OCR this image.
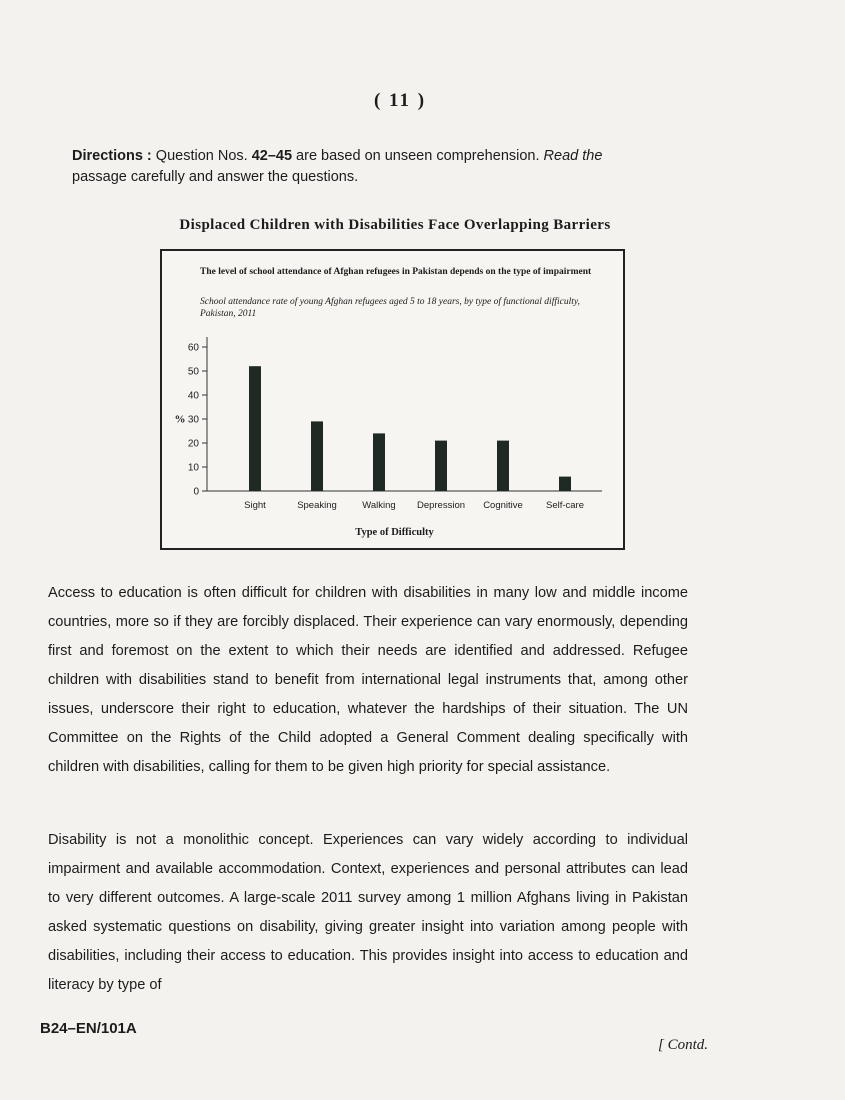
( 11 )
Directions : Question Nos. 42–45 are based on unseen comprehension. Read the
passage carefully and answer the questions.
Displaced Children with Disabilities Face Overlapping Barriers
The level of school attendance of Afghan refugees in Pakistan depends on the type of impairment
School attendance rate of young Afghan refugees aged 5 to 18 years, by type of functional difficulty, Pakistan, 2011
0
10
20
30
40
50
60
%
Sight	Speaking	Walking Depression Cognitive Self-care
Type of Difficulty
Access to education is often difficult for children with disabilities in many low and middle income countries, more so if they are forcibly displaced. Their experience can vary enormously, depending first and foremost on the extent to which their needs are identified and addressed. Refugee children with disabilities stand to benefit from international legal instruments that, among other issues, underscore their right to education, whatever the hardships of their situation. The UN Committee on the Rights of the Child adopted a General Comment dealing specifically with children with disabilities, calling for them to be given high priority for special assistance.
Disability is not a monolithic concept. Experiences can vary widely according to individual impairment and available accommodation. Context, experiences and personal attributes can lead to very different outcomes. A large-scale 2011 survey among 1 million Afghans living in Pakistan asked systematic questions on disability, giving greater insight into variation among people with disabilities, including their access to education. This provides insight into access to education and literacy by type of
B24–EN/101A
[ Contd.
